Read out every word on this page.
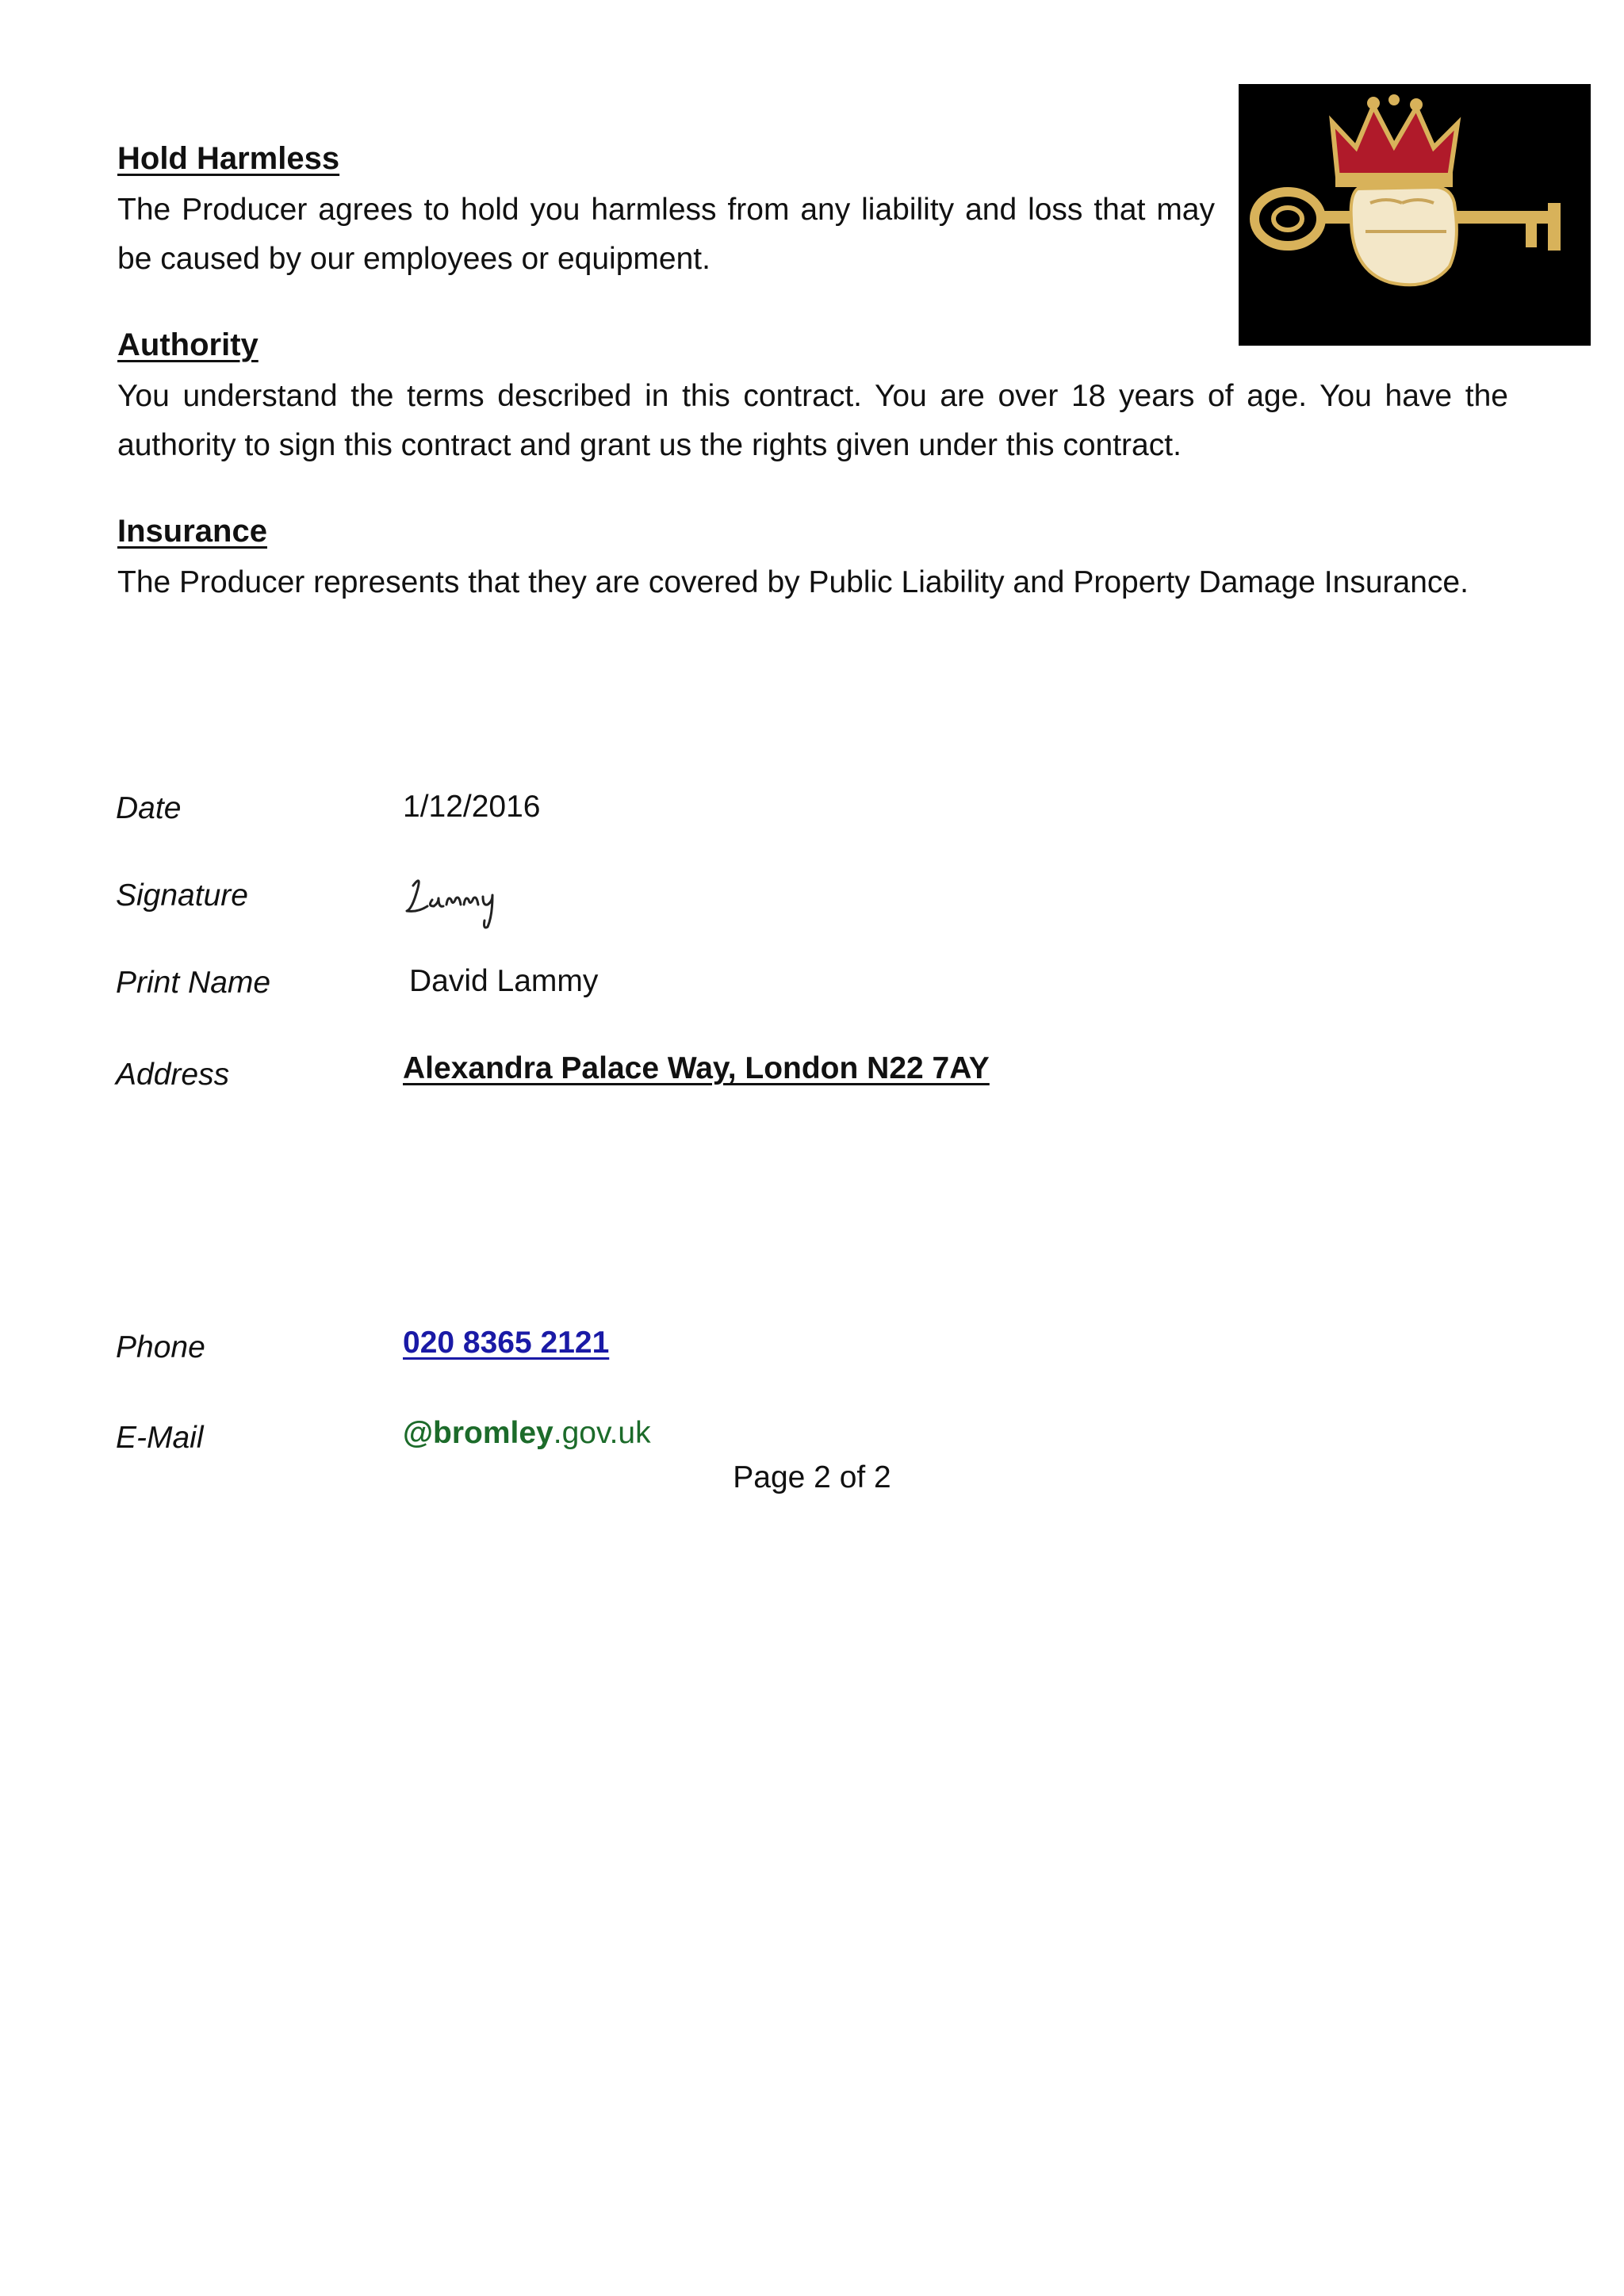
Hold Harmless

The Producer agrees to hold you harmless from any liability and loss that may be caused by our employees or equipment.

Authority

You understand the terms described in this contract. You are over 18 years of age. You have the authority to sign this contract and grant us the rights given under this contract.

Insurance

The Producer represents that they are covered by Public Liability and Property Damage Insurance.

Date	1/12/2016
Signature
Print Name	David Lammy
Address	Alexandra Palace Way, London N22 7AY
Phone	020 8365 2121
E-Mail	@bromley.gov.uk
Page 2 of 2
